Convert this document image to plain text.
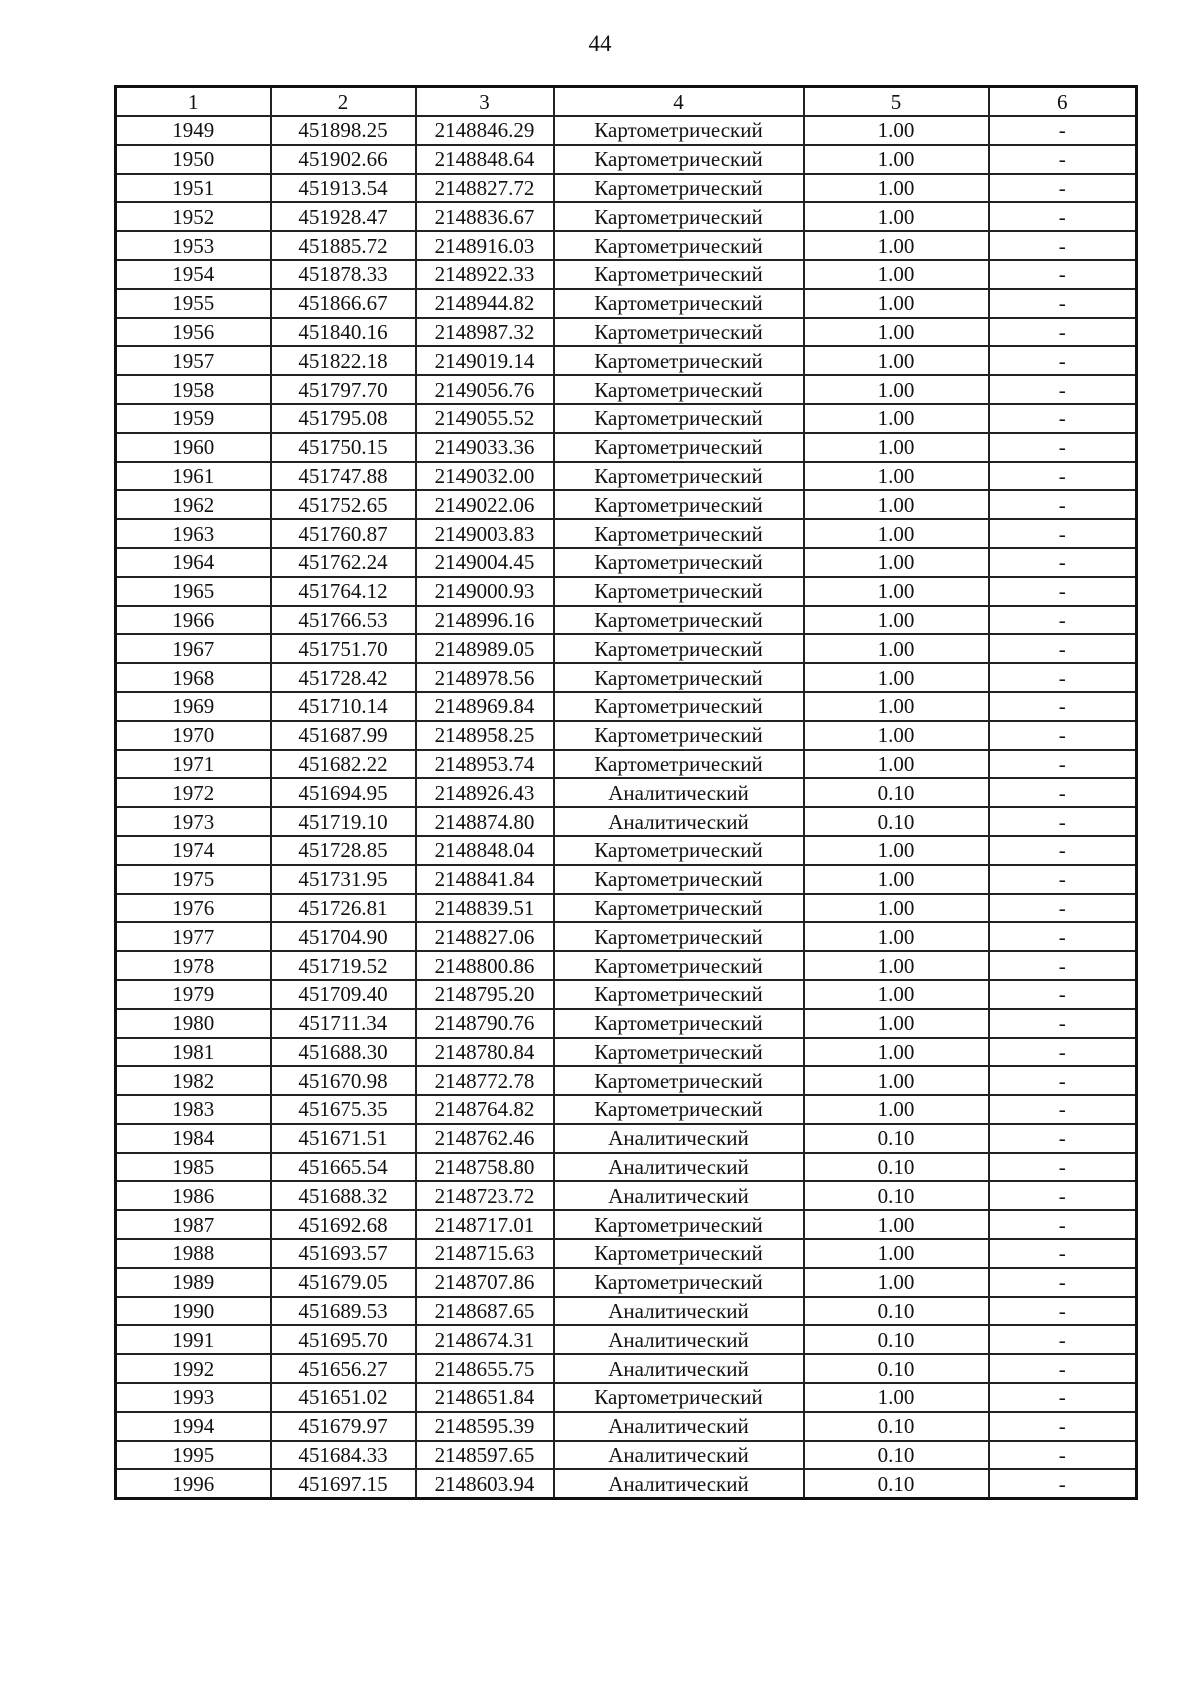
44
1	2	3	4	5	6
1949	451898.25	2148846.29	Картометрический	1.00	-
1950	451902.66	2148848.64	Картометрический	1.00	-
1951	451913.54	2148827.72	Картометрический	1.00	-
1952	451928.47	2148836.67	Картометрический	1.00	-
1953	451885.72	2148916.03	Картометрический	1.00	-
1954	451878.33	2148922.33	Картометрический	1.00	-
1955	451866.67	2148944.82	Картометрический	1.00	-
1956	451840.16	2148987.32	Картометрический	1.00	-
1957	451822.18	2149019.14	Картометрический	1.00	-
1958	451797.70	2149056.76	Картометрический	1.00	-
1959	451795.08	2149055.52	Картометрический	1.00	-
1960	451750.15	2149033.36	Картометрический	1.00	-
1961	451747.88	2149032.00	Картометрический	1.00	-
1962	451752.65	2149022.06	Картометрический	1.00	-
1963	451760.87	2149003.83	Картометрический	1.00	-
1964	451762.24	2149004.45	Картометрический	1.00	-
1965	451764.12	2149000.93	Картометрический	1.00	-
1966	451766.53	2148996.16	Картометрический	1.00	-
1967	451751.70	2148989.05	Картометрический	1.00	-
1968	451728.42	2148978.56	Картометрический	1.00	-
1969	451710.14	2148969.84	Картометрический	1.00	-
1970	451687.99	2148958.25	Картометрический	1.00	-
1971	451682.22	2148953.74	Картометрический	1.00	-
1972	451694.95	2148926.43	Аналитический	0.10	-
1973	451719.10	2148874.80	Аналитический	0.10	-
1974	451728.85	2148848.04	Картометрический	1.00	-
1975	451731.95	2148841.84	Картометрический	1.00	-
1976	451726.81	2148839.51	Картометрический	1.00	-
1977	451704.90	2148827.06	Картометрический	1.00	-
1978	451719.52	2148800.86	Картометрический	1.00	-
1979	451709.40	2148795.20	Картометрический	1.00	-
1980	451711.34	2148790.76	Картометрический	1.00	-
1981	451688.30	2148780.84	Картометрический	1.00	-
1982	451670.98	2148772.78	Картометрический	1.00	-
1983	451675.35	2148764.82	Картометрический	1.00	-
1984	451671.51	2148762.46	Аналитический	0.10	-
1985	451665.54	2148758.80	Аналитический	0.10	-
1986	451688.32	2148723.72	Аналитический	0.10	-
1987	451692.68	2148717.01	Картометрический	1.00	-
1988	451693.57	2148715.63	Картометрический	1.00	-
1989	451679.05	2148707.86	Картометрический	1.00	-
1990	451689.53	2148687.65	Аналитический	0.10	-
1991	451695.70	2148674.31	Аналитический	0.10	-
1992	451656.27	2148655.75	Аналитический	0.10	-
1993	451651.02	2148651.84	Картометрический	1.00	-
1994	451679.97	2148595.39	Аналитический	0.10	-
1995	451684.33	2148597.65	Аналитический	0.10	-
1996	451697.15	2148603.94	Аналитический	0.10	-
